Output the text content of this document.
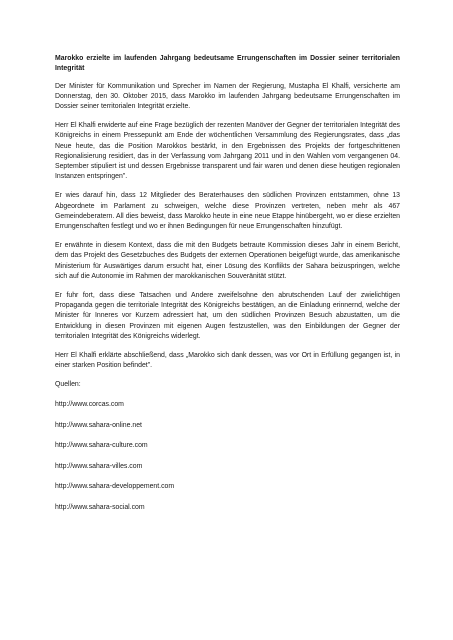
Marokko erzielte im laufenden Jahrgang bedeutsame Errungenschaften im Dossier seiner territorialen Integrität

Der Minister für Kommunikation und Sprecher im Namen der Regierung, Mustapha El Khalfi, versicherte am Donnerstag, den 30. Oktober 2015, dass Marokko im laufenden Jahrgang bedeutsame Errungenschaften im Dossier seiner territorialen Integrität erzielte.

Herr El Khalfi erwiderte auf eine Frage bezüglich der rezenten Manöver der Gegner der territorialen Integrität des Königreichs in einem Pressepunkt am Ende der wöchentlichen Versammlung des Regierungsrates, dass „das Neue heute, das die Position Marokkos bestärkt, in den Ergebnissen des Projekts der fortgeschrittenen Regionalisierung residiert, das in der Verfassung vom Jahrgang 2011 und in den Wahlen vom vergangenen 04. September stipuliert ist und dessen Ergebnisse transparent und fair waren und denen diese heutigen regionalen Instanzen entspringen".

Er wies darauf hin, dass 12 Mitglieder des Beraterhauses den südlichen Provinzen entstammen, ohne 13 Abgeordnete im Parlament zu schweigen, welche diese Provinzen vertreten, neben mehr als 467 Gemeindeberatern. All dies beweist, dass Marokko heute in eine neue Etappe hinübergeht, wo er diese erzielten Errungenschaften festlegt und wo er ihnen Bedingungen für neue Errungenschaften hinzufügt.

Er erwähnte in diesem Kontext, dass die mit den Budgets betraute Kommission dieses Jahr in einem Bericht, dem das Projekt des Gesetzbuches des Budgets der externen Operationen beigefügt wurde, das amerikanische Ministerium für Auswärtiges darum ersucht hat, einer Lösung des Konflikts der Sahara beizuspringen, welche sich auf die Autonomie im Rahmen der marokkanischen Souveränität stützt.

Er fuhr fort, dass diese Tatsachen und Andere zweifelsohne den abrutschenden Lauf der zwielichtigen Propaganda gegen die territoriale Integrität des Königreichs bestätigen, an die Einladung erinnernd, welche der Minister für Inneres vor Kurzem adressiert hat, um den südlichen Provinzen Besuch abzustatten, um die Entwicklung in diesen Provinzen mit eigenen Augen festzustellen, was den Einbildungen der Gegner der territorialen Integrität des Königreichs widerlegt.

Herr El Khalfi erklärte abschließend, dass „Marokko sich dank dessen, was vor Ort in Erfüllung gegangen ist, in einer starken Position befindet".

Quellen:

http://www.corcas.com
http://www.sahara-online.net
http://www.sahara-culture.com
http://www.sahara-villes.com
http://www.sahara-developpement.com
http://www.sahara-social.com
